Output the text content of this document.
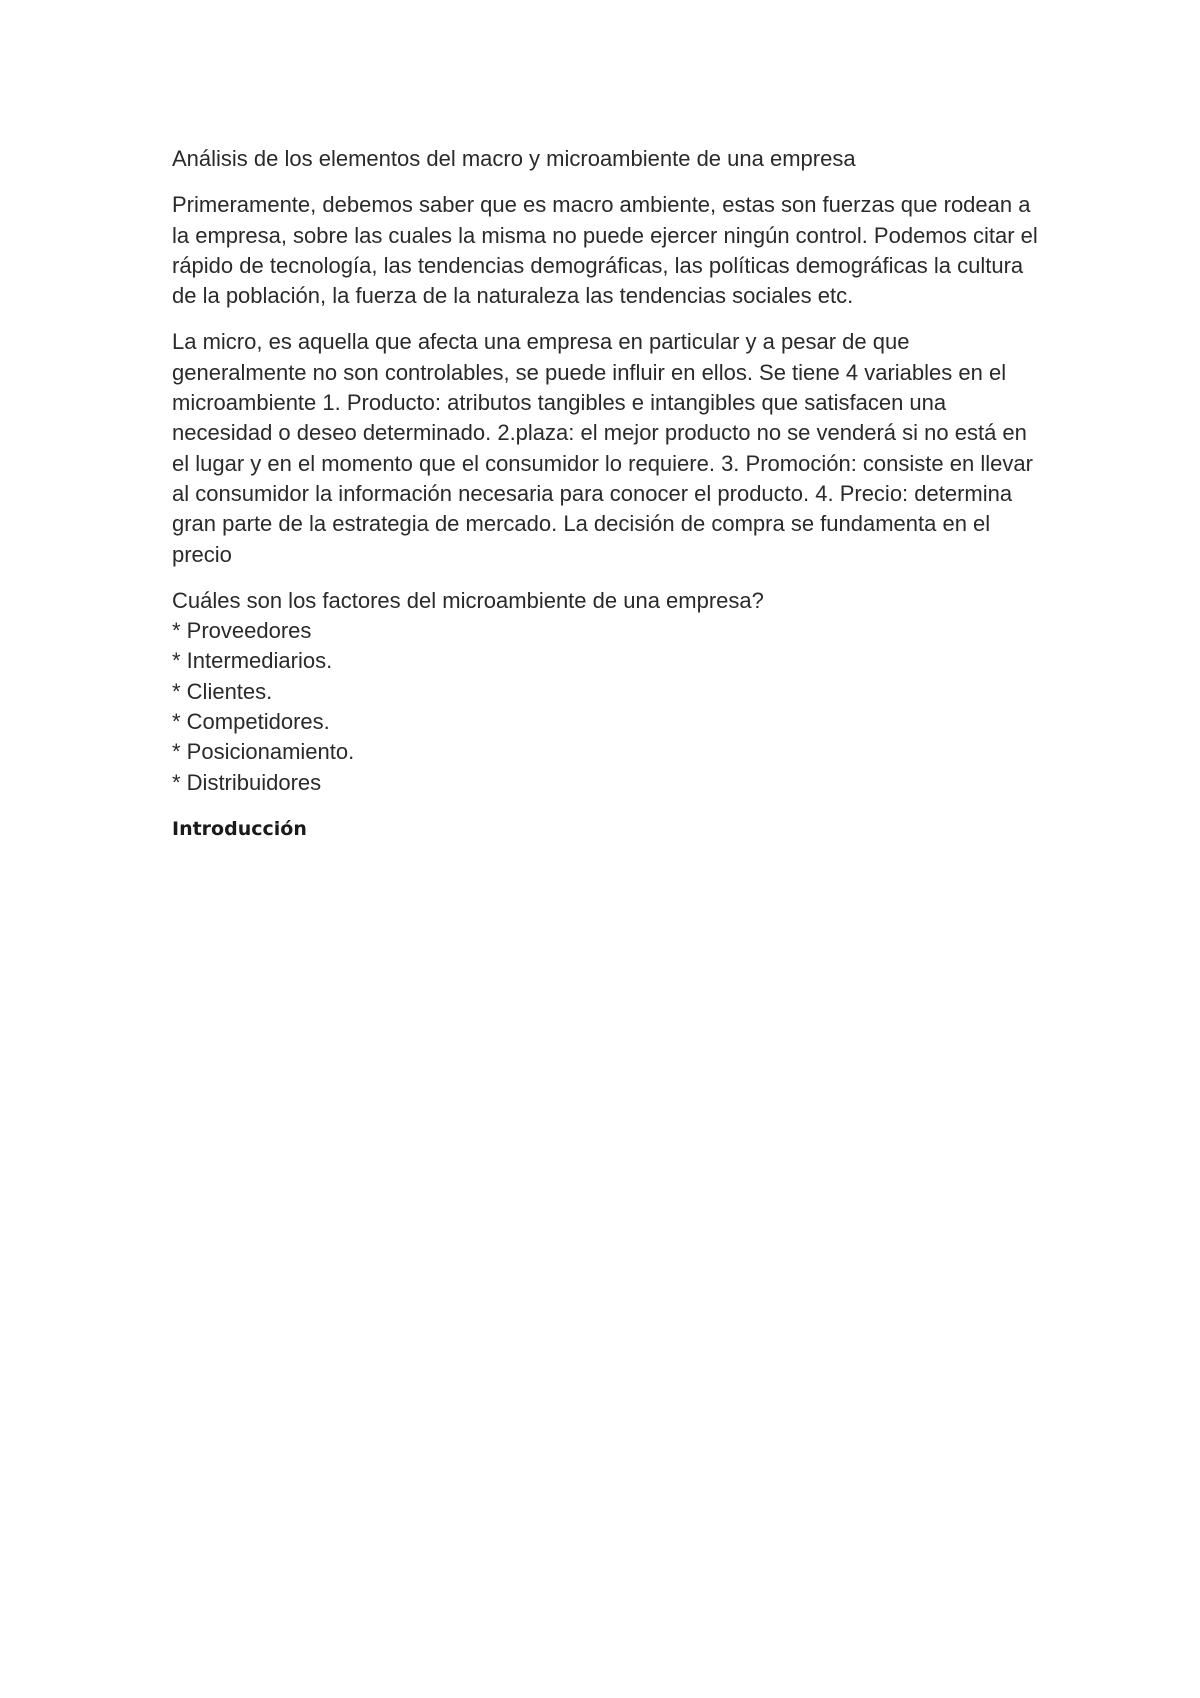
Análisis de los elementos del macro y microambiente de una empresa

Primeramente, debemos saber que es macro ambiente, estas son fuerzas que rodean a la empresa, sobre las cuales la misma no puede ejercer ningún control. Podemos citar el rápido de tecnología, las tendencias demográficas, las políticas demográficas la cultura de la población, la fuerza de la naturaleza las tendencias sociales etc.

La micro, es aquella que afecta una empresa en particular y a pesar de que generalmente no son controlables, se puede influir en ellos. Se tiene 4 variables en el microambiente 1. Producto: atributos tangibles e intangibles que satisfacen una necesidad o deseo determinado. 2.plaza: el mejor producto no se venderá si no está en el lugar y en el momento que el consumidor lo requiere. 3. Promoción: consiste en llevar al consumidor la información necesaria para conocer el producto. 4. Precio: determina gran parte de la estrategia de mercado. La decisión de compra se fundamenta en el precio

Cuáles son los factores del microambiente de una empresa?
* Proveedores
* Intermediarios.
* Clientes.
* Competidores.
* Posicionamiento.
* Distribuidores

Introducción
